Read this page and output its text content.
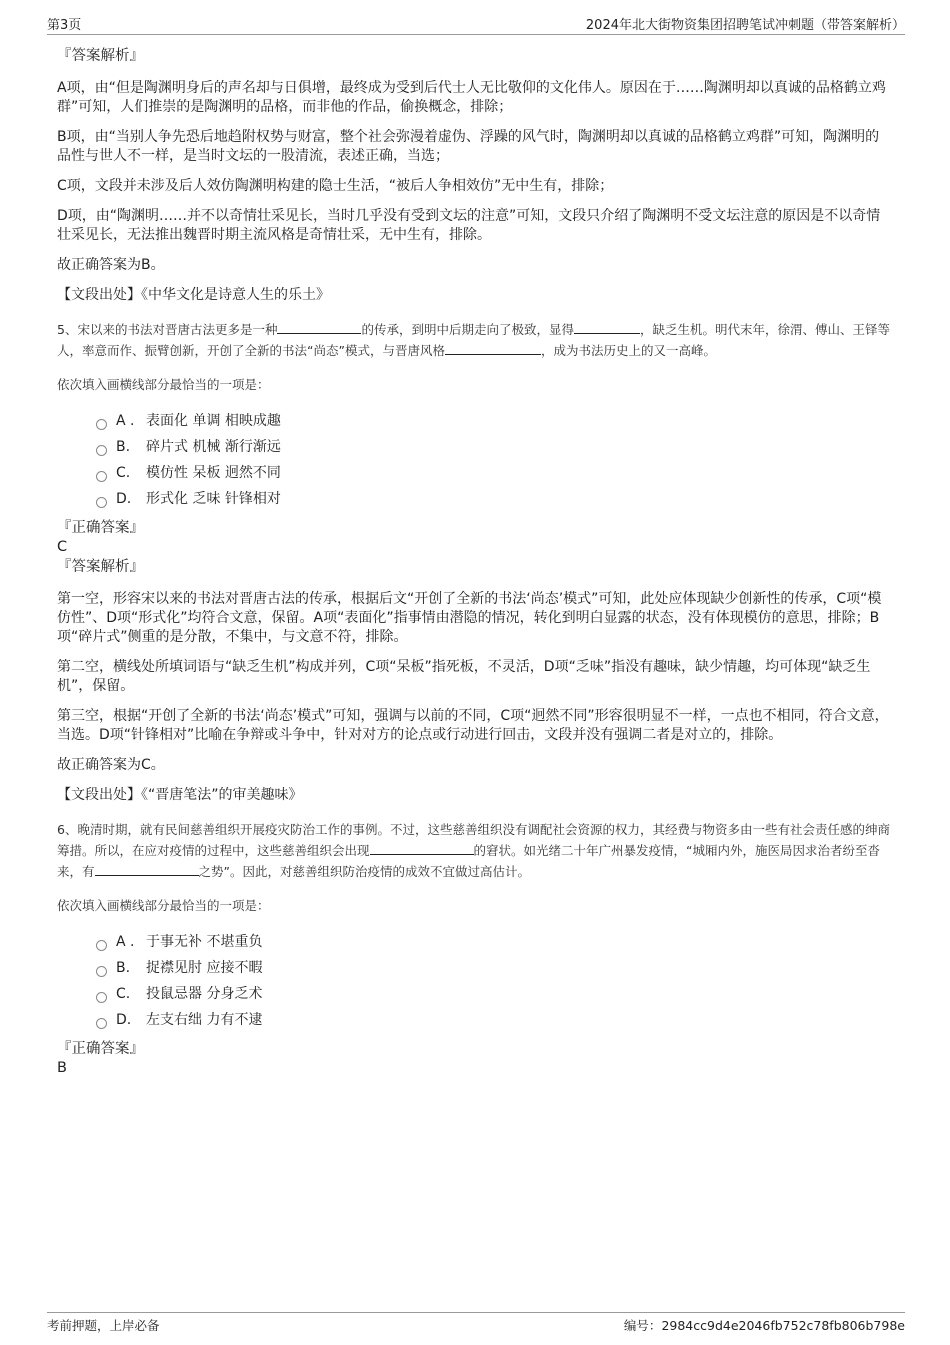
第3页	2024年北大街物资集团招聘笔试冲刺题（带答案解析）
『答案解析』

A项，由“但是陶渊明身后的声名却与日俱增，最终成为受到后代士人无比敬仰的文化伟人。原因在于……陶渊明却以真诚的品格鹤立鸡群”可知，人们推崇的是陶渊明的品格，而非他的作品，偷换概念，排除；

B项，由“当别人争先恐后地趋附权势与财富，整个社会弥漫着虚伪、浮躁的风气时，陶渊明却以真诚的品格鹤立鸡群”可知，陶渊明的品性与世人不一样，是当时文坛的一股清流，表述正确，当选；

C项，文段并未涉及后人效仿陶渊明构建的隐士生活，“被后人争相效仿”无中生有，排除；

D项，由“陶渊明……并不以奇情壮采见长，当时几乎没有受到文坛的注意”可知，文段只介绍了陶渊明不受文坛注意的原因是不以奇情壮采见长，无法推出魏晋时期主流风格是奇情壮采，无中生有，排除。

故正确答案为B。

【文段出处】《中华文化是诗意人生的乐土》

5、宋以来的书法对晋唐古法更多是一种	的传承，到明中后期走向了极致，显得	，缺乏生机。明代末年，徐渭、傅山、王铎等人，率意而作、振臂创新，开创了全新的书法“尚态”模式，与晋唐风格	，成为书法历史上的又一高峰。
依次填入画横线部分最恰当的一项是：
A . 表面化 单调 相映成趣
B.	碎片式 机械 渐行渐远
C.	模仿性 呆板 迥然不同
D.	形式化 乏味 针锋相对
『正确答案』
C
『答案解析』

第一空，形容宋以来的书法对晋唐古法的传承，根据后文“开创了全新的书法‘尚态’模式”可知，此处应体现缺少创新性的传承，C项“模仿性”、D项“形式化”均符合文意，保留。A项“表面化”指事情由潜隐的情况，转化到明白显露的状态，没有体现模仿的意思，排除；B项“碎片式”侧重的是分散，不集中，与文意不符，排除。

第二空，横线处所填词语与“缺乏生机”构成并列，C项“呆板”指死板，不灵活，D项“乏味”指没有趣味，缺少情趣，均可体现“缺乏生机”，保留。

第三空，根据“开创了全新的书法‘尚态’模式”可知，强调与以前的不同，C项“迥然不同”形容很明显不一样，一点也不相同，符合文意，当选。D项“针锋相对”比喻在争辩或斗争中，针对对方的论点或行动进行回击，文段并没有强调二者是对立的，排除。

故正确答案为C。

【文段出处】《“晋唐笔法”的审美趣味》

6、晚清时期，就有民间慈善组织开展疫灾防治工作的事例。不过，这些慈善组织没有调配社会资源的权力，其经费与物资多由一些有社会责任感的绅商筹措。所以，在应对疫情的过程中，这些慈善组织会出现	的窘状。如光绪二十年广州暴发疫情，“城厢内外，施医局因求治者纷至沓来，有	之势”。因此，对慈善组织防治疫情的成效不宜做过高估计。
依次填入画横线部分最恰当的一项是：
A . 于事无补 不堪重负
B.	捉襟见肘 应接不暇
C.	投鼠忌器 分身乏术
D.	左支右绌 力有不逮
『正确答案』
B
考前押题，上岸必备	编号：2984cc9d4e2046fb752c78fb806b798e
